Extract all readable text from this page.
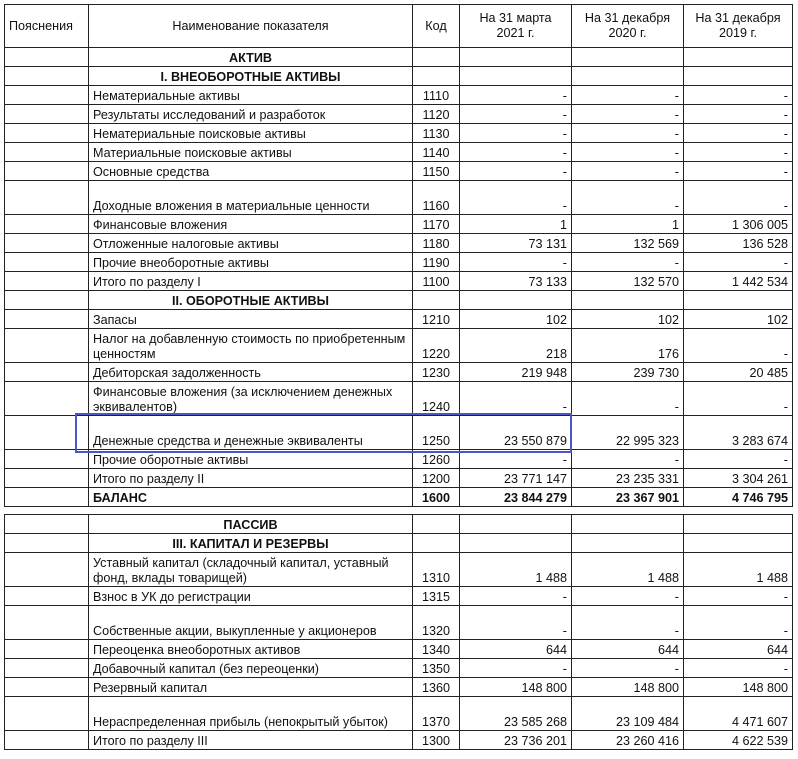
Пояснения	Наименование показателя	Код	На 31 марта 2021 г.	На 31 декабря 2020 г.	На 31 декабря 2019 г.
	АКТИВ				
	I. ВНЕОБОРОТНЫЕ АКТИВЫ				
	Нематериальные активы	1110	-	-	-
	Результаты исследований и разработок	1120	-	-	-
	Нематериальные поисковые активы	1130	-	-	-
	Материальные поисковые активы	1140	-	-	-
	Основные средства	1150	-	-	-
	Доходные вложения в материальные ценности	1160	-	-	-
	Финансовые вложения	1170	1	1	1 306 005
	Отложенные налоговые активы	1180	73 131	132 569	136 528
	Прочие внеоборотные активы	1190	-	-	-
	Итого по разделу I	1100	73 133	132 570	1 442 534
	II. ОБОРОТНЫЕ АКТИВЫ				
	Запасы	1210	102	102	102
	Налог на добавленную стоимость по приобретенным ценностям	1220	218	176	-
	Дебиторская задолженность	1230	219 948	239 730	20 485
	Финансовые вложения (за исключением денежных эквивалентов)	1240	-	-	-
	Денежные средства и денежные эквиваленты	1250	23 550 879	22 995 323	3 283 674
	Прочие оборотные активы	1260	-	-	-
	Итого по разделу II	1200	23 771 147	23 235 331	3 304 261
	БАЛАНС	1600	23 844 279	23 367 901	4 746 795
	ПАССИВ				
	III. КАПИТАЛ И РЕЗЕРВЫ				
	Уставный капитал (складочный капитал, уставный фонд, вклады товарищей)	1310	1 488	1 488	1 488
	Взнос в УК до регистрации	1315	-	-	-
	Собственные акции, выкупленные у акционеров	1320	-	-	-
	Переоценка внеоборотных активов	1340	644	644	644
	Добавочный капитал (без переоценки)	1350	-	-	-
	Резервный капитал	1360	148 800	148 800	148 800
	Нераспределенная прибыль (непокрытый убыток)	1370	23 585 268	23 109 484	4 471 607
	Итого по разделу III	1300	23 736 201	23 260 416	4 622 539
